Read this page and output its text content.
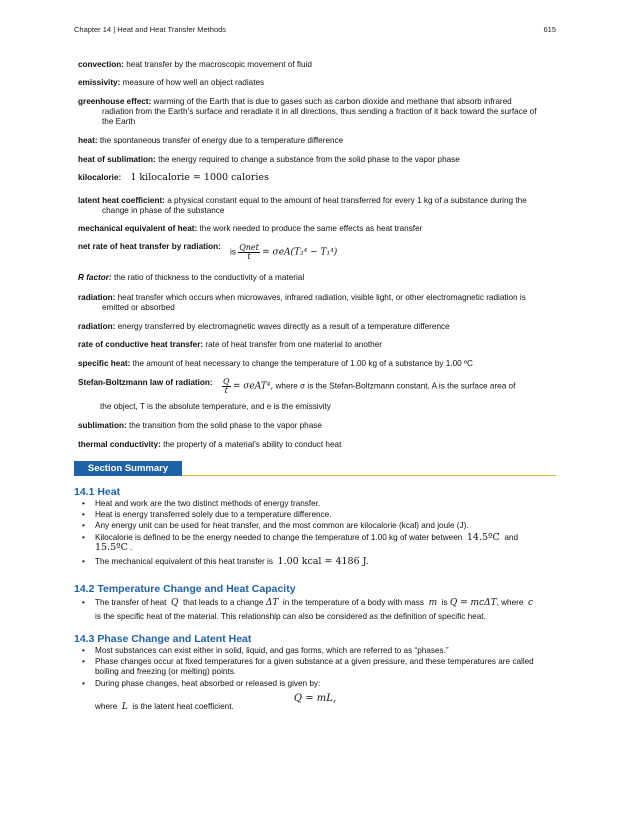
Chapter 14 | Heat and Heat Transfer Methods	615
convection: heat transfer by the macroscopic movement of fluid
emissivity: measure of how well an object radiates
greenhouse effect: warming of the Earth that is due to gases such as carbon dioxide and methane that absorb infrared
radiation from the Earth’s surface and reradiate it in all directions, thus sending a fraction of it back toward the surface of
the Earth
heat: the spontaneous transfer of energy due to a temperature difference
heat of sublimation: the energy required to change a substance from the solid phase to the vapor phase
kilocalorie: 1 kilocalorie = 1000 calories
latent heat coefficient: a physical constant equal to the amount of heat transferred for every 1 kg of a substance during the
change in phase of the substance
mechanical equivalent of heat: the work needed to produce the same effects as heat transfer
net rate of heat transfer by radiation:
is $\frac{\text{Qnet}}{t} = \sigma eA(T_2^4 - T_1^4)$
R factor: the ratio of thickness to the conductivity of a material
radiation: heat transfer which occurs when microwaves, infrared radiation, visible light, or other electromagnetic radiation is
emitted or absorbed
radiation: energy transferred by electromagnetic waves directly as a result of a temperature difference
rate of conductive heat transfer: rate of heat transfer from one material to another
specific heat: the amount of heat necessary to change the temperature of 1.00 kg of a substance by 1.00 ºC
Stefan-Boltzmann law of radiation: $\frac{Q}{t} = \sigma eAT^4$, where σ is the Stefan-Boltzmann constant, A is the surface area of
the object, T is the absolute temperature, and e is the emissivity
sublimation: the transition from the solid phase to the vapor phase
thermal conductivity: the property of a material’s ability to conduct heat
Section Summary
14.1 Heat
• Heat and work are the two distinct methods of energy transfer.
• Heat is energy transferred solely due to a temperature difference.
• Any energy unit can be used for heat transfer, and the most common are kilocalorie (kcal) and joule (J).
• Kilocalorie is defined to be the energy needed to change the temperature of 1.00 kg of water between 14.5ºC and
15.5ºC .
• The mechanical equivalent of this heat transfer is 1.00 kcal = 4186 J.
14.2 Temperature Change and Heat Capacity
• The transfer of heat Q that leads to a change ΔT in the temperature of a body with mass m is Q = mcΔT, where c
is the specific heat of the material. This relationship can also be considered as the definition of specific heat.
14.3 Phase Change and Latent Heat
• Most substances can exist either in solid, liquid, and gas forms, which are referred to as “phases.”
• Phase changes occur at fixed temperatures for a given substance at a given pressure, and these temperatures are called
boiling and freezing (or melting) points.
• During phase changes, heat absorbed or released is given by:
Q = mL,
where L is the latent heat coefficient.
